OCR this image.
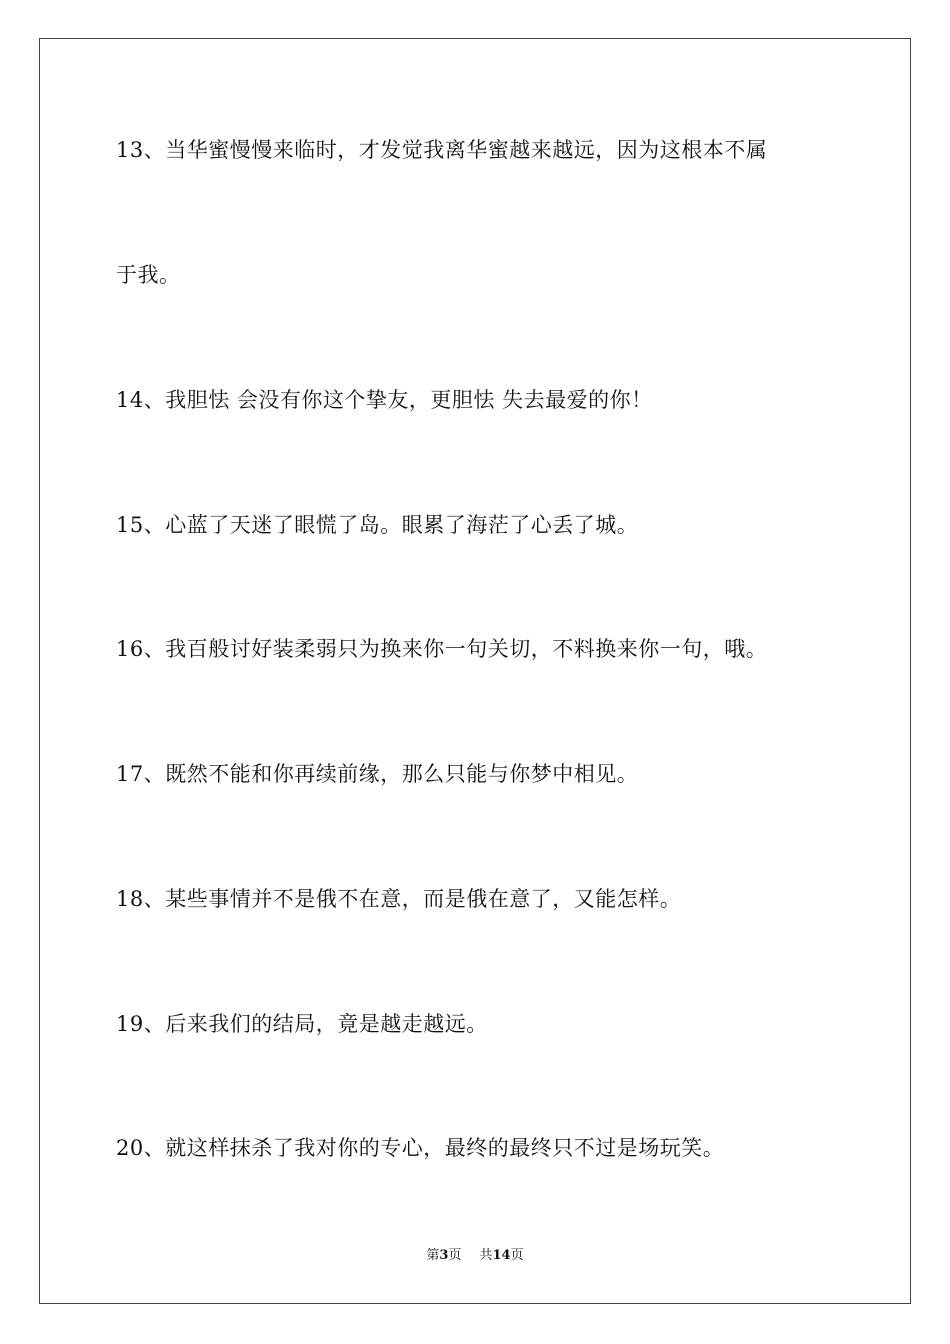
13、当华蜜慢慢来临时，才发觉我离华蜜越来越远，因为这根本不属
于我。
14、我胆怯 会没有你这个挚友，更胆怯 失去最爱的你！
15、心蓝了天迷了眼慌了岛。眼累了海茫了心丢了城。
16、我百般讨好装柔弱只为换来你一句关切，不料换来你一句，哦。
17、既然不能和你再续前缘，那么只能与你梦中相见。
18、某些事情并不是俄不在意，而是俄在意了，又能怎样。
19、后来我们的结局，竟是越走越远。
20、就这样抹杀了我对你的专心，最终的最终只不过是场玩笑。
第3页 共14页
